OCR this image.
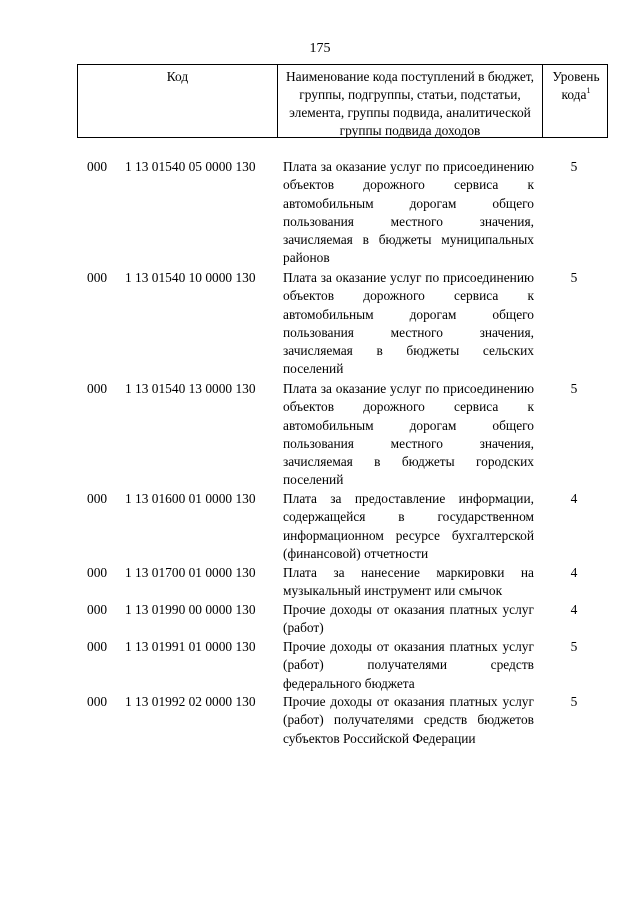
175
Код	Наименование кода поступлений в бюджет, группы, подгруппы, статьи, подстатьи, элемента, группы подвида, аналитической группы подвида доходов
Уровень
кода$^1$
000 1 13 01540 05 0000 130 Плата за оказание услуг по присоединению объектов дорожного сервиса к автомобильным дорогам общего пользования местного значения, зачисляемая в бюджеты муниципальных районов
5
000 1 13 01540 10 0000 130 Плата за оказание услуг по присоединению объектов дорожного сервиса к автомобильным дорогам общего пользования местного значения, зачисляемая в бюджеты сельских поселений
5
000 1 13 01540 13 0000 130 Плата за оказание услуг по присоединению объектов дорожного сервиса к автомобильным дорогам общего пользования местного значения, зачисляемая в бюджеты городских поселений
5
000 1 13 01600 01 0000 130 Плата за предоставление информации, содержащейся в государственном информационном ресурсе бухгалтерской (финансовой) отчетности
4
000 1 13 01700 01 0000 130 Плата за нанесение маркировки на музыкальный инструмент или смычок
4
000 1 13 01990 00 0000 130 Прочие доходы от оказания платных услуг (работ)
4
000 1 13 01991 01 0000 130 Прочие доходы от оказания платных услуг (работ) получателями средств федерального бюджета
5
000 1 13 01992 02 0000 130 Прочие доходы от оказания платных услуг (работ) получателями средств бюджетов субъектов Российской Федерации
5
